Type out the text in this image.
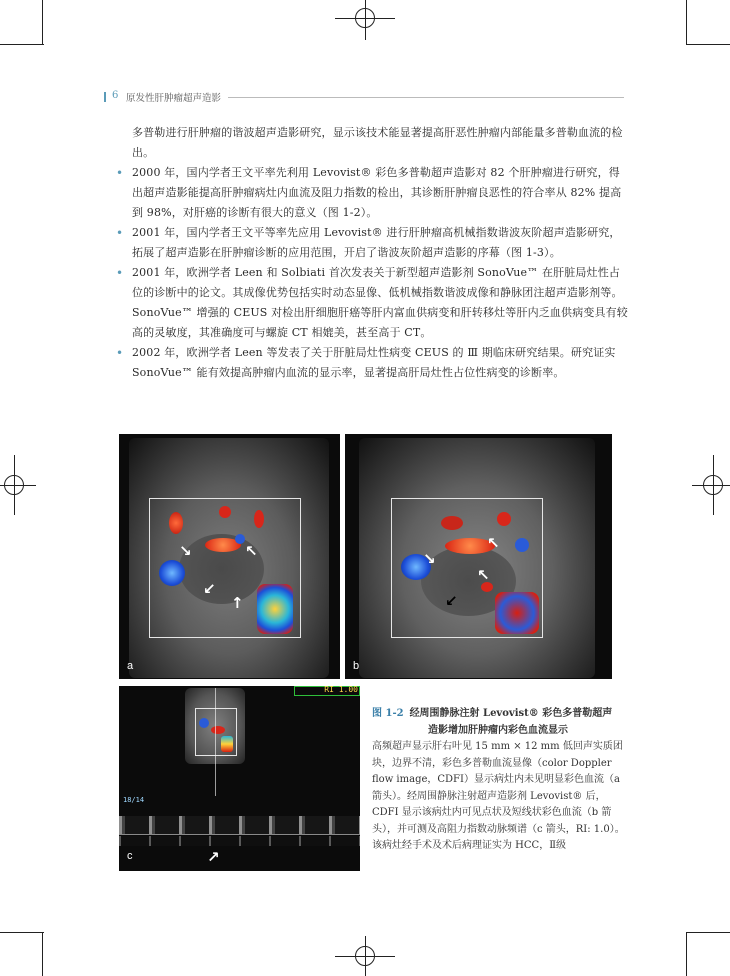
6 原发性肝肿瘤超声造影

多普勒进行肝肿瘤的谐波超声造影研究，显示该技术能显著提高肝恶性肿瘤内部能量多普勒血流的检出。

• 2000 年，国内学者王文平率先利用 Levovist® 彩色多普勒超声造影对 82 个肝肿瘤进行研究，得出超声造影能提高肝肿瘤病灶内血流及阻力指数的检出，其诊断肝肿瘤良恶性的符合率从 82% 提高到 98%，对肝癌的诊断有很大的意义（图 1-2）。
• 2001 年，国内学者王文平等率先应用 Levovist® 进行肝肿瘤高机械指数谐波灰阶超声造影研究，拓展了超声造影在肝肿瘤诊断的应用范围，开启了谐波灰阶超声造影的序幕（图 1-3）。
• 2001 年，欧洲学者 Leen 和 Solbiati 首次发表关于新型超声造影剂 SonoVue™ 在肝脏局灶性占位的诊断中的论文。其成像优势包括实时动态显像、低机械指数谐波成像和静脉团注超声造影剂等。SonoVue™ 增强的 CEUS 对检出肝细胞肝癌等肝内富血供病变和肝转移灶等肝内乏血供病变具有较高的灵敏度，其准确度可与螺旋 CT 相媲美，甚至高于 CT。
• 2002 年，欧洲学者 Leen 等发表了关于肝脏局灶性病变 CEUS 的 Ⅲ 期临床研究结果。研究证实 SonoVue™ 能有效提高肿瘤内血流的显示率，显著提高肝局灶性占位性病变的诊断率。
↘	↖
↙
↑
a
↘
↖
↖
↙
b
RI 1.00
18/14
↗
c
图 1-2 经周围静脉注射 Levovist® 彩色多普勒超声
造影增加肝肿瘤内彩色血流显示
高频超声显示肝右叶见 15 mm × 12 mm 低回声实质团块，边界不清，彩色多普勒血流显像（color Doppler flow image，CDFI）显示病灶内未见明显彩色血流（a 箭头）。经周围静脉注射超声造影剂 Levovist® 后，CDFI 显示该病灶内可见点状及短线状彩色血流（b 箭头），并可测及高阻力指数动脉频谱（c 箭头，RI: 1.0）。该病灶经手术及术后病理证实为 HCC，Ⅱ级
